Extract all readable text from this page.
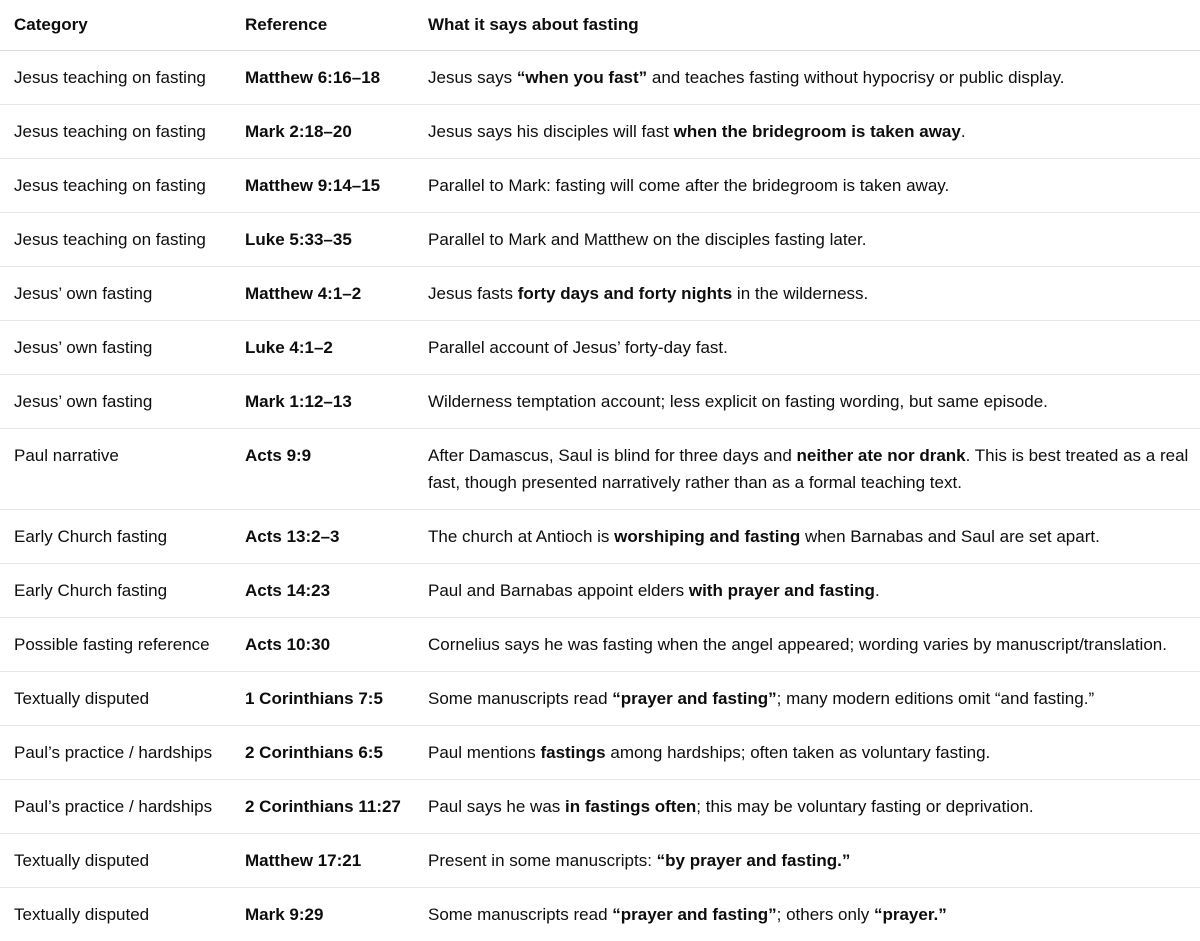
Category	Reference	What it says about fasting
Jesus teaching on fasting	Matthew 6:16–18	Jesus says “when you fast” and teaches fasting without hypocrisy or public display.
Jesus teaching on fasting	Mark 2:18–20	Jesus says his disciples will fast when the bridegroom is taken away.
Jesus teaching on fasting	Matthew 9:14–15	Parallel to Mark: fasting will come after the bridegroom is taken away.
Jesus teaching on fasting	Luke 5:33–35	Parallel to Mark and Matthew on the disciples fasting later.
Jesus’ own fasting	Matthew 4:1–2	Jesus fasts forty days and forty nights in the wilderness.
Jesus’ own fasting	Luke 4:1–2	Parallel account of Jesus’ forty-day fast.
Jesus’ own fasting	Mark 1:12–13	Wilderness temptation account; less explicit on fasting wording, but same episode.
Paul narrative	Acts 9:9	After Damascus, Saul is blind for three days and neither ate nor drank. This is best treated as a real fast, though presented narratively rather than as a formal teaching text.
Early Church fasting	Acts 13:2–3	The church at Antioch is worshiping and fasting when Barnabas and Saul are set apart.
Early Church fasting	Acts 14:23	Paul and Barnabas appoint elders with prayer and fasting.
Possible fasting reference	Acts 10:30	Cornelius says he was fasting when the angel appeared; wording varies by manuscript/translation.
Textually disputed	1 Corinthians 7:5	Some manuscripts read “prayer and fasting”; many modern editions omit “and fasting.”
Paul’s practice / hardships	2 Corinthians 6:5	Paul mentions fastings among hardships; often taken as voluntary fasting.
Paul’s practice / hardships	2 Corinthians 11:27	Paul says he was in fastings often; this may be voluntary fasting or deprivation.
Textually disputed	Matthew 17:21	Present in some manuscripts: “by prayer and fasting.”
Textually disputed	Mark 9:29	Some manuscripts read “prayer and fasting”; others only “prayer.”
